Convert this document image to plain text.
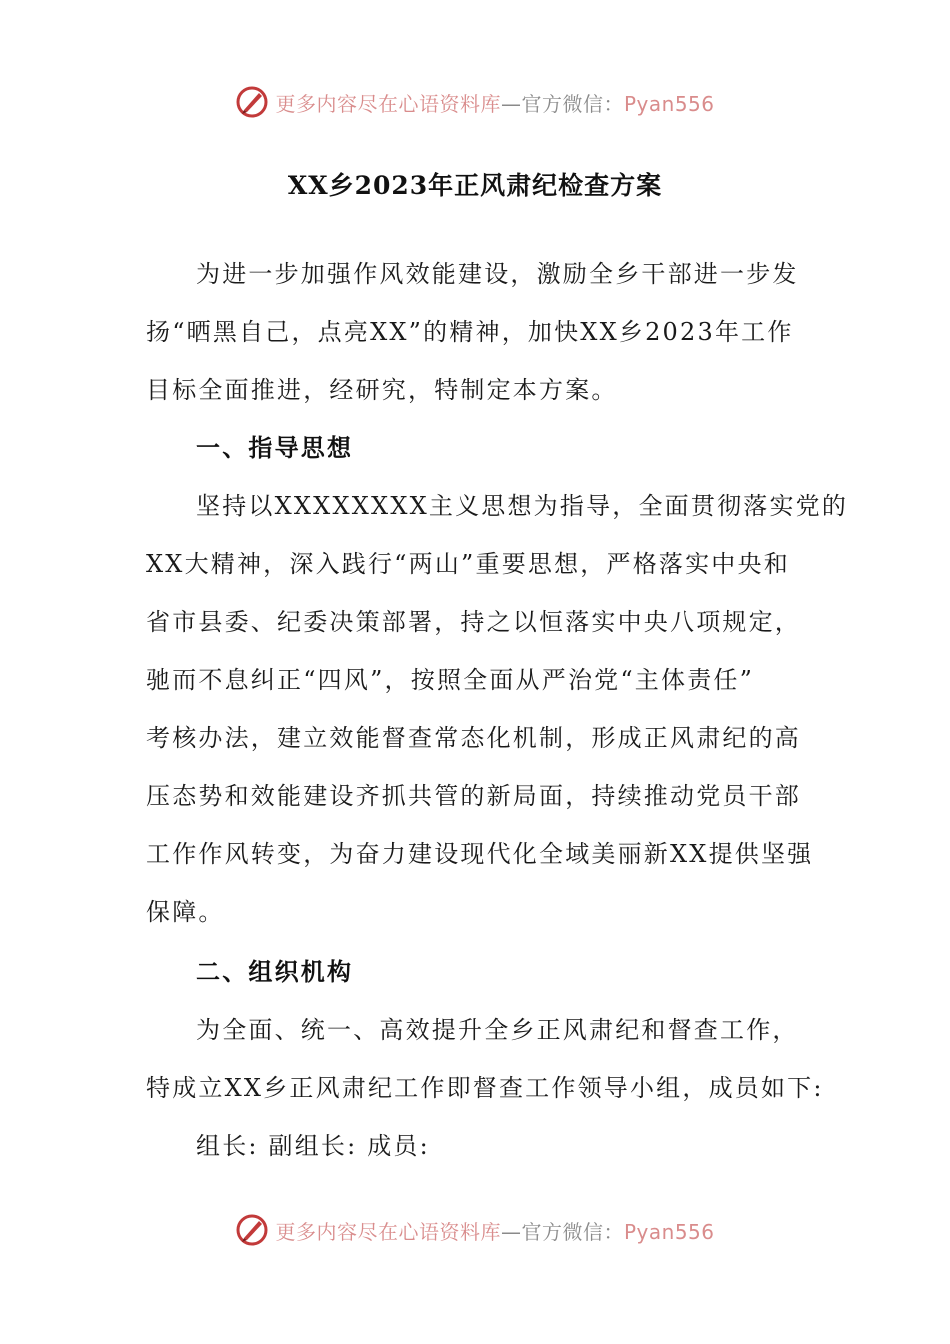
更多内容尽在心语资料库—官方微信：Pyan556
XX乡2023年正风肃纪检查方案
为进一步加强作风效能建设，激励全乡干部进一步发
扬“晒黑自己，点亮XX”的精神，加快XX乡2023年工作
目标全面推进，经研究，特制定本方案。
一、指导思想
坚持以XXXXXXXX主义思想为指导，全面贯彻落实党的
XX大精神，深入践行“两山”重要思想，严格落实中央和
省市县委、纪委决策部署，持之以恒落实中央八项规定，
驰而不息纠正“四风”，按照全面从严治党“主体责任”
考核办法，建立效能督查常态化机制，形成正风肃纪的高
压态势和效能建设齐抓共管的新局面，持续推动党员干部
工作作风转变，为奋力建设现代化全域美丽新XX提供坚强
保障。
二、组织机构
为全面、统一、高效提升全乡正风肃纪和督查工作，
特成立XX乡正风肃纪工作即督查工作领导小组，成员如下:
组长: 副组长: 成员:
更多内容尽在心语资料库—官方微信：Pyan556
